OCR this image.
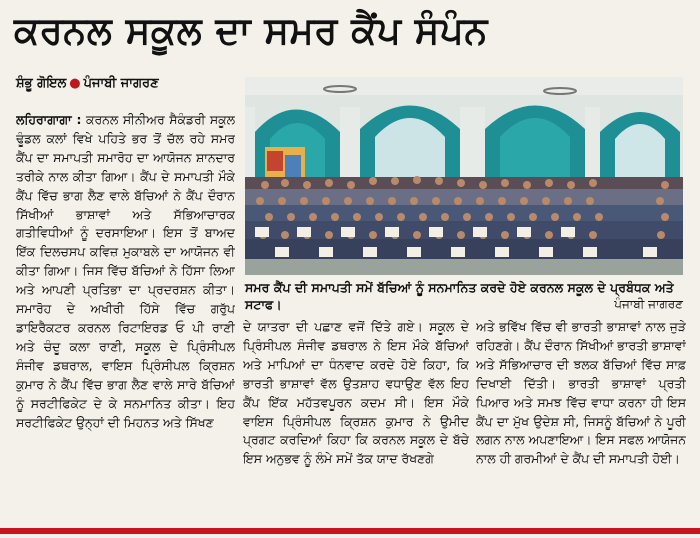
ਕਰਨਲ ਸਕੂਲ ਦਾ ਸਮਰ ਕੈਂਪ ਸੰਪੰਨ
ਸ਼ੰਭੂ ਗੋਇਲ ● ਪੰਜਾਬੀ ਜਾਗਰਣ
ਲਹਿਰਾਗਾਗਾ : ਕਰਨਲ ਸੀਨੀਅਰ ਸੈਕੰਡਰੀ ਸਕੂਲ ਢੂੰਡਲ ਕਲਾਂ ਵਿਖੇ ਪਹਿਤੇ ਭਰ ਤੋਂ ਚੱਲ ਰਹੇ ਸਮਰ ਕੈਂਪ ਦਾ ਸਮਾਪਤੀ ਸਮਾਰੋਹ ਦਾ ਆਯੋਜਨ ਸ਼ਾਨਦਾਰ ਤਰੀਕੇ ਨਾਲ ਕੀਤਾ ਗਿਆ। ਕੈਂਪ ਦੇ ਸਮਾਪਤੀ ਮੌਕੇ ਕੈਂਪ ਵਿੱਚ ਭਾਗ ਲੈਣ ਵਾਲੇ ਬੱਚਿਆਂ ਨੇ ਕੈਂਪ ਦੌਰਾਨ ਸਿੱਖੀਆਂ ਭਾਸ਼ਾਵਾਂ ਅਤੇ ਸੱਭਿਆਚਾਰਕ ਗਤੀਵਿਧੀਆਂ ਨੂੰ ਦਰਸਾਇਆ। ਇਸ ਤੋਂ ਬਾਅਦ ਇੱਕ ਦਿਲਚਸਪ ਕਵਿਜ਼ ਮੁਕਾਬਲੇ ਦਾ ਆਯੋਜਨ ਵੀ ਕੀਤਾ ਗਿਆ। ਜਿਸ ਵਿੱਚ ਬੱਚਿਆਂ ਨੇ ਹਿੱਸਾ ਲਿਆ ਅਤੇ ਆਪਣੀ ਪ੍ਰਤਿਭਾ ਦਾ ਪ੍ਰਦਰਸ਼ਨ ਕੀਤਾ। ਸਮਾਰੋਹ ਦੇ ਅਖੀਰੀ ਹਿੱਸੇ ਵਿੱਚ ਗਰੁੱਪ ਡਾਇਰੈਕਟਰ ਕਰਨਲ ਰਿਟਾਇਰਡ ਓ ਪੀ ਰਾਣੀ ਅਤੇ ਚੰਦੂ ਕਲਾ ਰਾਣੀ, ਸਕੂਲ ਦੇ ਪ੍ਰਿੰਸੀਪਲ ਸੰਜੀਵ ਡਥਰਾਲ, ਵਾਇਸ ਪ੍ਰਿੰਸੀਪਲ ਕ੍ਰਿਸ਼ਨ ਕੁਮਾਰ ਨੇ ਕੈਂਪ ਵਿੱਚ ਭਾਗ ਲੈਣ ਵਾਲੇ ਸਾਰੇ ਬੱਚਿਆਂ ਨੂੰ ਸਰਟੀਫਿਕੇਟ ਦੇ ਕੇ ਸਨਮਾਨਿਤ ਕੀਤਾ। ਇਹ ਸਰਟੀਫਿਕੇਟ ਉਨ੍ਹਾਂ ਦੀ ਮਿਹਨਤ ਅਤੇ ਸਿੱਖਣ
ਸਮਰ ਕੈਂਪ ਦੀ ਸਮਾਪਤੀ ਸਮੇਂ ਬੱਚਿਆਂ ਨੂੰ ਸਨਮਾਨਿਤ ਕਰਦੇ ਹੋਏ ਕਰਨਲ ਸਕੂਲ ਦੇ ਪ੍ਰਬੰਧਕ ਅਤੇ ਸਟਾਫ।	ਪੰਜਾਬੀ ਜਾਗਰਣ
ਦੇ ਯਾਤਰਾ ਦੀ ਪਛਾਣ ਵਜੋਂ ਦਿੱਤੇ ਗਏ। ਸਕੂਲ ਦੇ ਪ੍ਰਿੰਸੀਪਲ ਸੰਜੀਵ ਡਥਰਾਲ ਨੇ ਇਸ ਮੌਕੇ ਬੱਚਿਆਂ ਅਤੇ ਮਾਪਿਆਂ ਦਾ ਧੰਨਵਾਦ ਕਰਦੇ ਹੋਏ ਕਿਹਾ, ਕਿ ਭਾਰਤੀ ਭਾਸ਼ਾਵਾਂ ਵੱਲ ਉਤਸ਼ਾਹ ਵਧਾਉਣ ਵੱਲ ਇਹ ਕੈਂਪ ਇੱਕ ਮਹੱਤਵਪੂਰਨ ਕਦਮ ਸੀ। ਇਸ ਮੌਕੇ ਵਾਇਸ ਪ੍ਰਿੰਸੀਪਲ ਕ੍ਰਿਸ਼ਨ ਕੁਮਾਰ ਨੇ ਉਮੀਦ ਪ੍ਰਗਟ ਕਰਦਿਆਂ ਕਿਹਾ ਕਿ ਕਰਨਲ ਸਕੂਲ ਦੇ ਬੱਚੇ ਇਸ ਅਨੁਭਵ ਨੂੰ ਲੰਮੇ ਸਮੇਂ ਤੱਕ ਯਾਦ ਰੱਖਣਗੇ
ਅਤੇ ਭਵਿੱਖ ਵਿੱਚ ਵੀ ਭਾਰਤੀ ਭਾਸ਼ਾਵਾਂ ਨਾਲ ਜੁੜੇ ਰਹਿਣਗੇ। ਕੈਂਪ ਦੌਰਾਨ ਸਿੱਖੀਆਂ ਭਾਰਤੀ ਭਾਸ਼ਾਵਾਂ ਅਤੇ ਸੱਭਿਆਚਾਰ ਦੀ ਝਲਕ ਬੱਚਿਆਂ ਵਿੱਚ ਸਾਫ਼ ਦਿਖਾਈ ਦਿੱਤੀ। ਭਾਰਤੀ ਭਾਸ਼ਾਵਾਂ ਪ੍ਰਤੀ ਪਿਆਰ ਅਤੇ ਸਮਝ ਵਿੱਚ ਵਾਧਾ ਕਰਨਾ ਹੀ ਇਸ ਕੈਂਪ ਦਾ ਮੁੱਖ ਉਦੇਸ਼ ਸੀ, ਜਿਸਨੂੰ ਬੱਚਿਆਂ ਨੇ ਪੂਰੀ ਲਗਨ ਨਾਲ ਅਪਣਾਇਆ। ਇਸ ਸਫਲ ਆਯੋਜਨ ਨਾਲ ਹੀ ਗਰਮੀਆਂ ਦੇ ਕੈਂਪ ਦੀ ਸਮਾਪਤੀ ਹੋਈ।
